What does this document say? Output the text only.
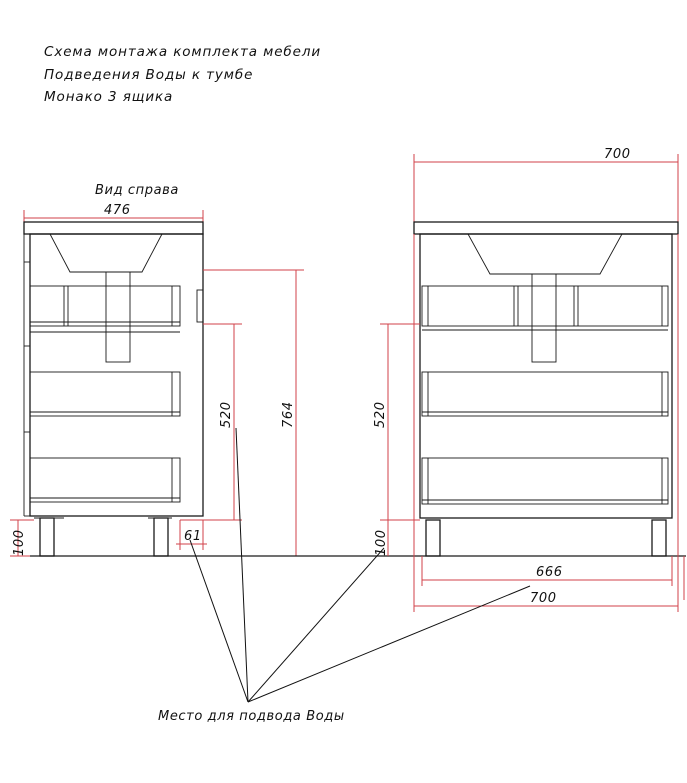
Схема монтажа комплекта мебели
Подведения Воды к тумбе
Монако 3 ящика
Вид справа
476
100
520	764
61
700
520
100
666
700
Место для подвода Воды
